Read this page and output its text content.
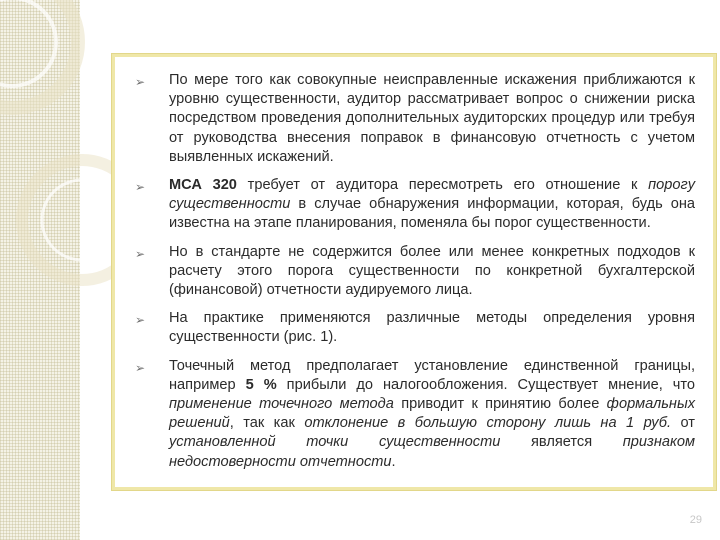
➢ По мере того как совокупные неисправленные искажения приближаются к уровню существенности, аудитор рассматривает вопрос о снижении риска посредством проведения дополнительных аудиторских процедур или требуя от руководства внесения поправок в финансовую отчетность с учетом выявленных искажений.
➢ МСА 320 требует от аудитора пересмотреть его отношение к порогу существенности в случае обнаружения информации, которая, будь она известна на этапе планирования, поменяла бы порог существенности.
➢ Но в стандарте не содержится более или менее конкретных подходов к расчету этого порога существенности по конкретной бухгалтерской (финансовой) отчетности аудируемого лица.
➢ На практике применяются различные методы определения уровня существенности (рис. 1).
➢ Точечный метод предполагает установление единственной границы, например 5 % прибыли до налогообложения. Существует мнение, что применение точечного метода приводит к принятию более формальных решений, так как отклонение в большую сторону лишь на 1 руб. от установленной точки существенности является признаком недостоверности отчетности.
29
